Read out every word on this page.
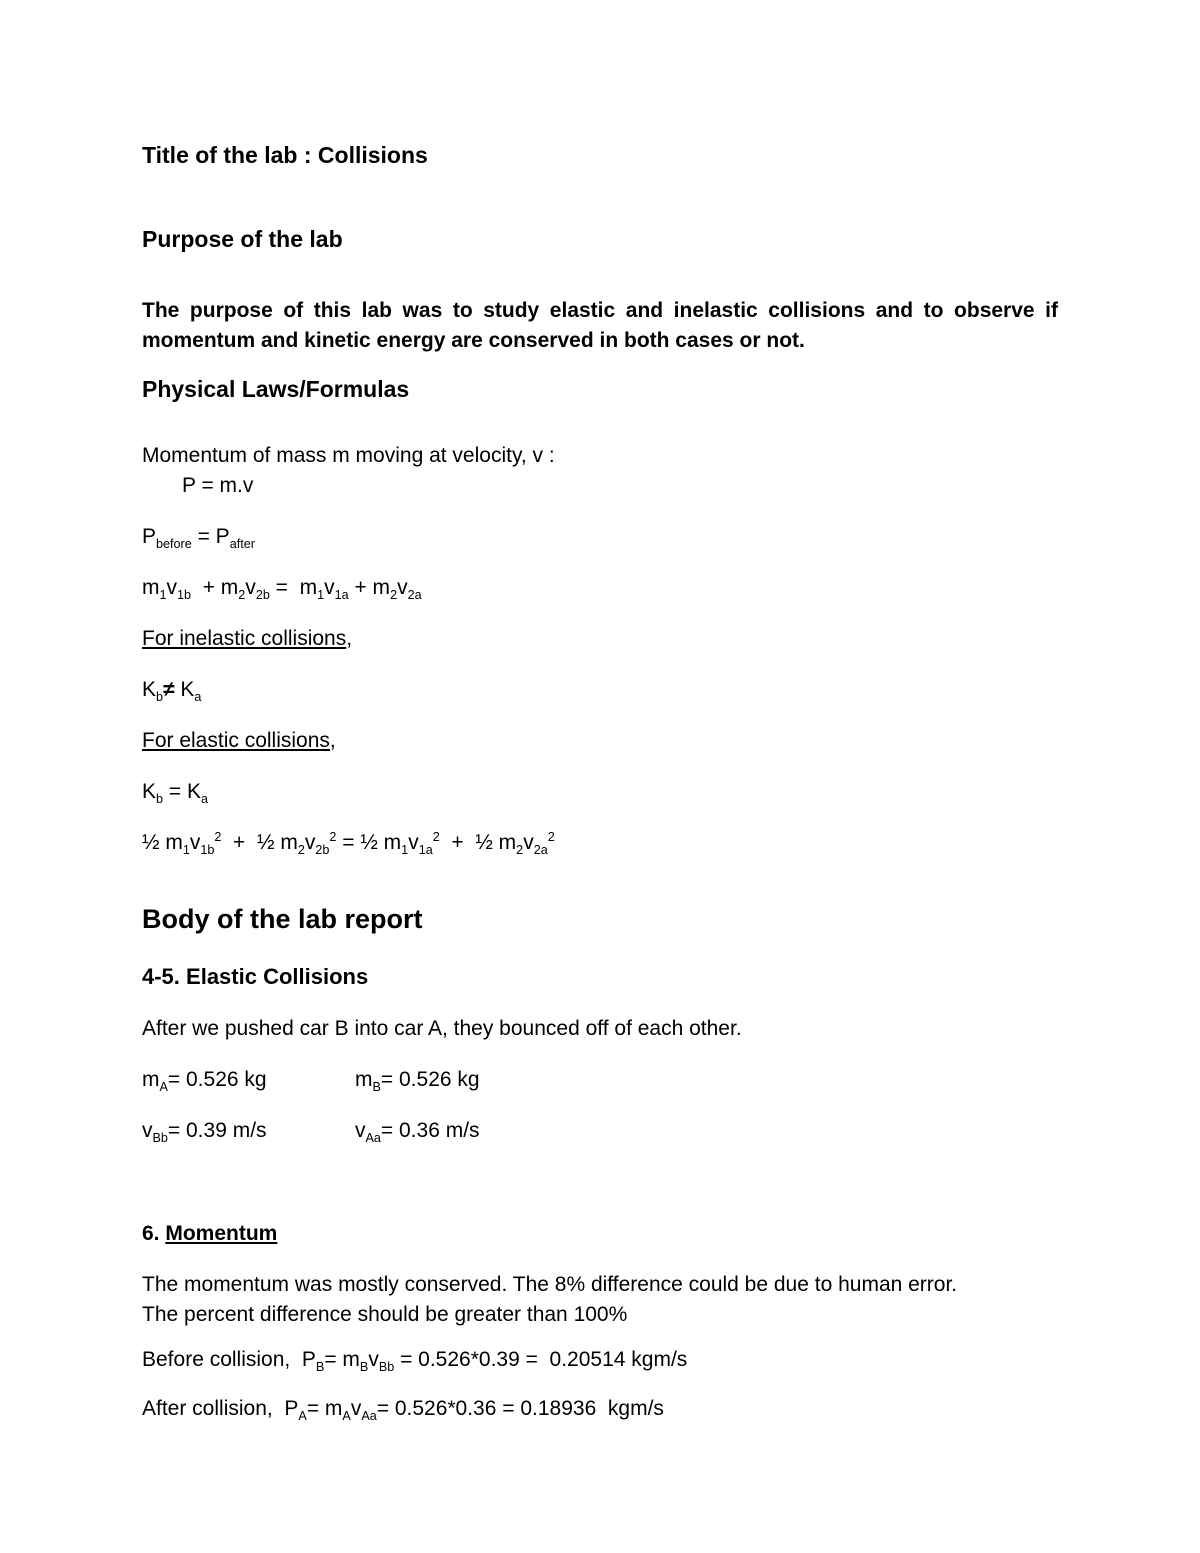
Title of the lab : Collisions
Purpose of the lab

The purpose of this lab was to study elastic and inelastic collisions and to observe if momentum and kinetic energy are conserved in both cases or not.

Physical Laws/Formulas

Momentum of mass m moving at velocity, v :

P = m.v

$P_{before} = P_{after}$

$m_1v_{1b} + m_2v_{2b} = m_1v_{1a} + m_2v_{2a}$

For inelastic collisions,

$K_b\ne K_a$

For elastic collisions,

$K_b = K_a$

½ $m_1v_{1b}^2$  +  ½ $m_2v_{2b}^2$ = ½ $m_1v_{1a}^2$  +  ½ $m_2v_{2a}^2$

Body of the lab report
4-5. Elastic Collisions

After we pushed car B into car A, they bounced off of each other.

$m_A= 0.526$ kg	$m_B= 0.526$ kg
$v_{Bb}= 0.39$ m/s	$v_{Aa}= 0.36$ m/s
6. Momentum

The momentum was mostly conserved. The 8% difference could be due to human error.

The percent difference should be greater than 100%

Before collision,  $P_B= m_Bv_{Bb} = 0.526*0.39 = 0.20514$ kgm/s

After collision,  $P_A= m_Av_{Aa}= 0.526*0.36 = 0.18936$  kgm/s
